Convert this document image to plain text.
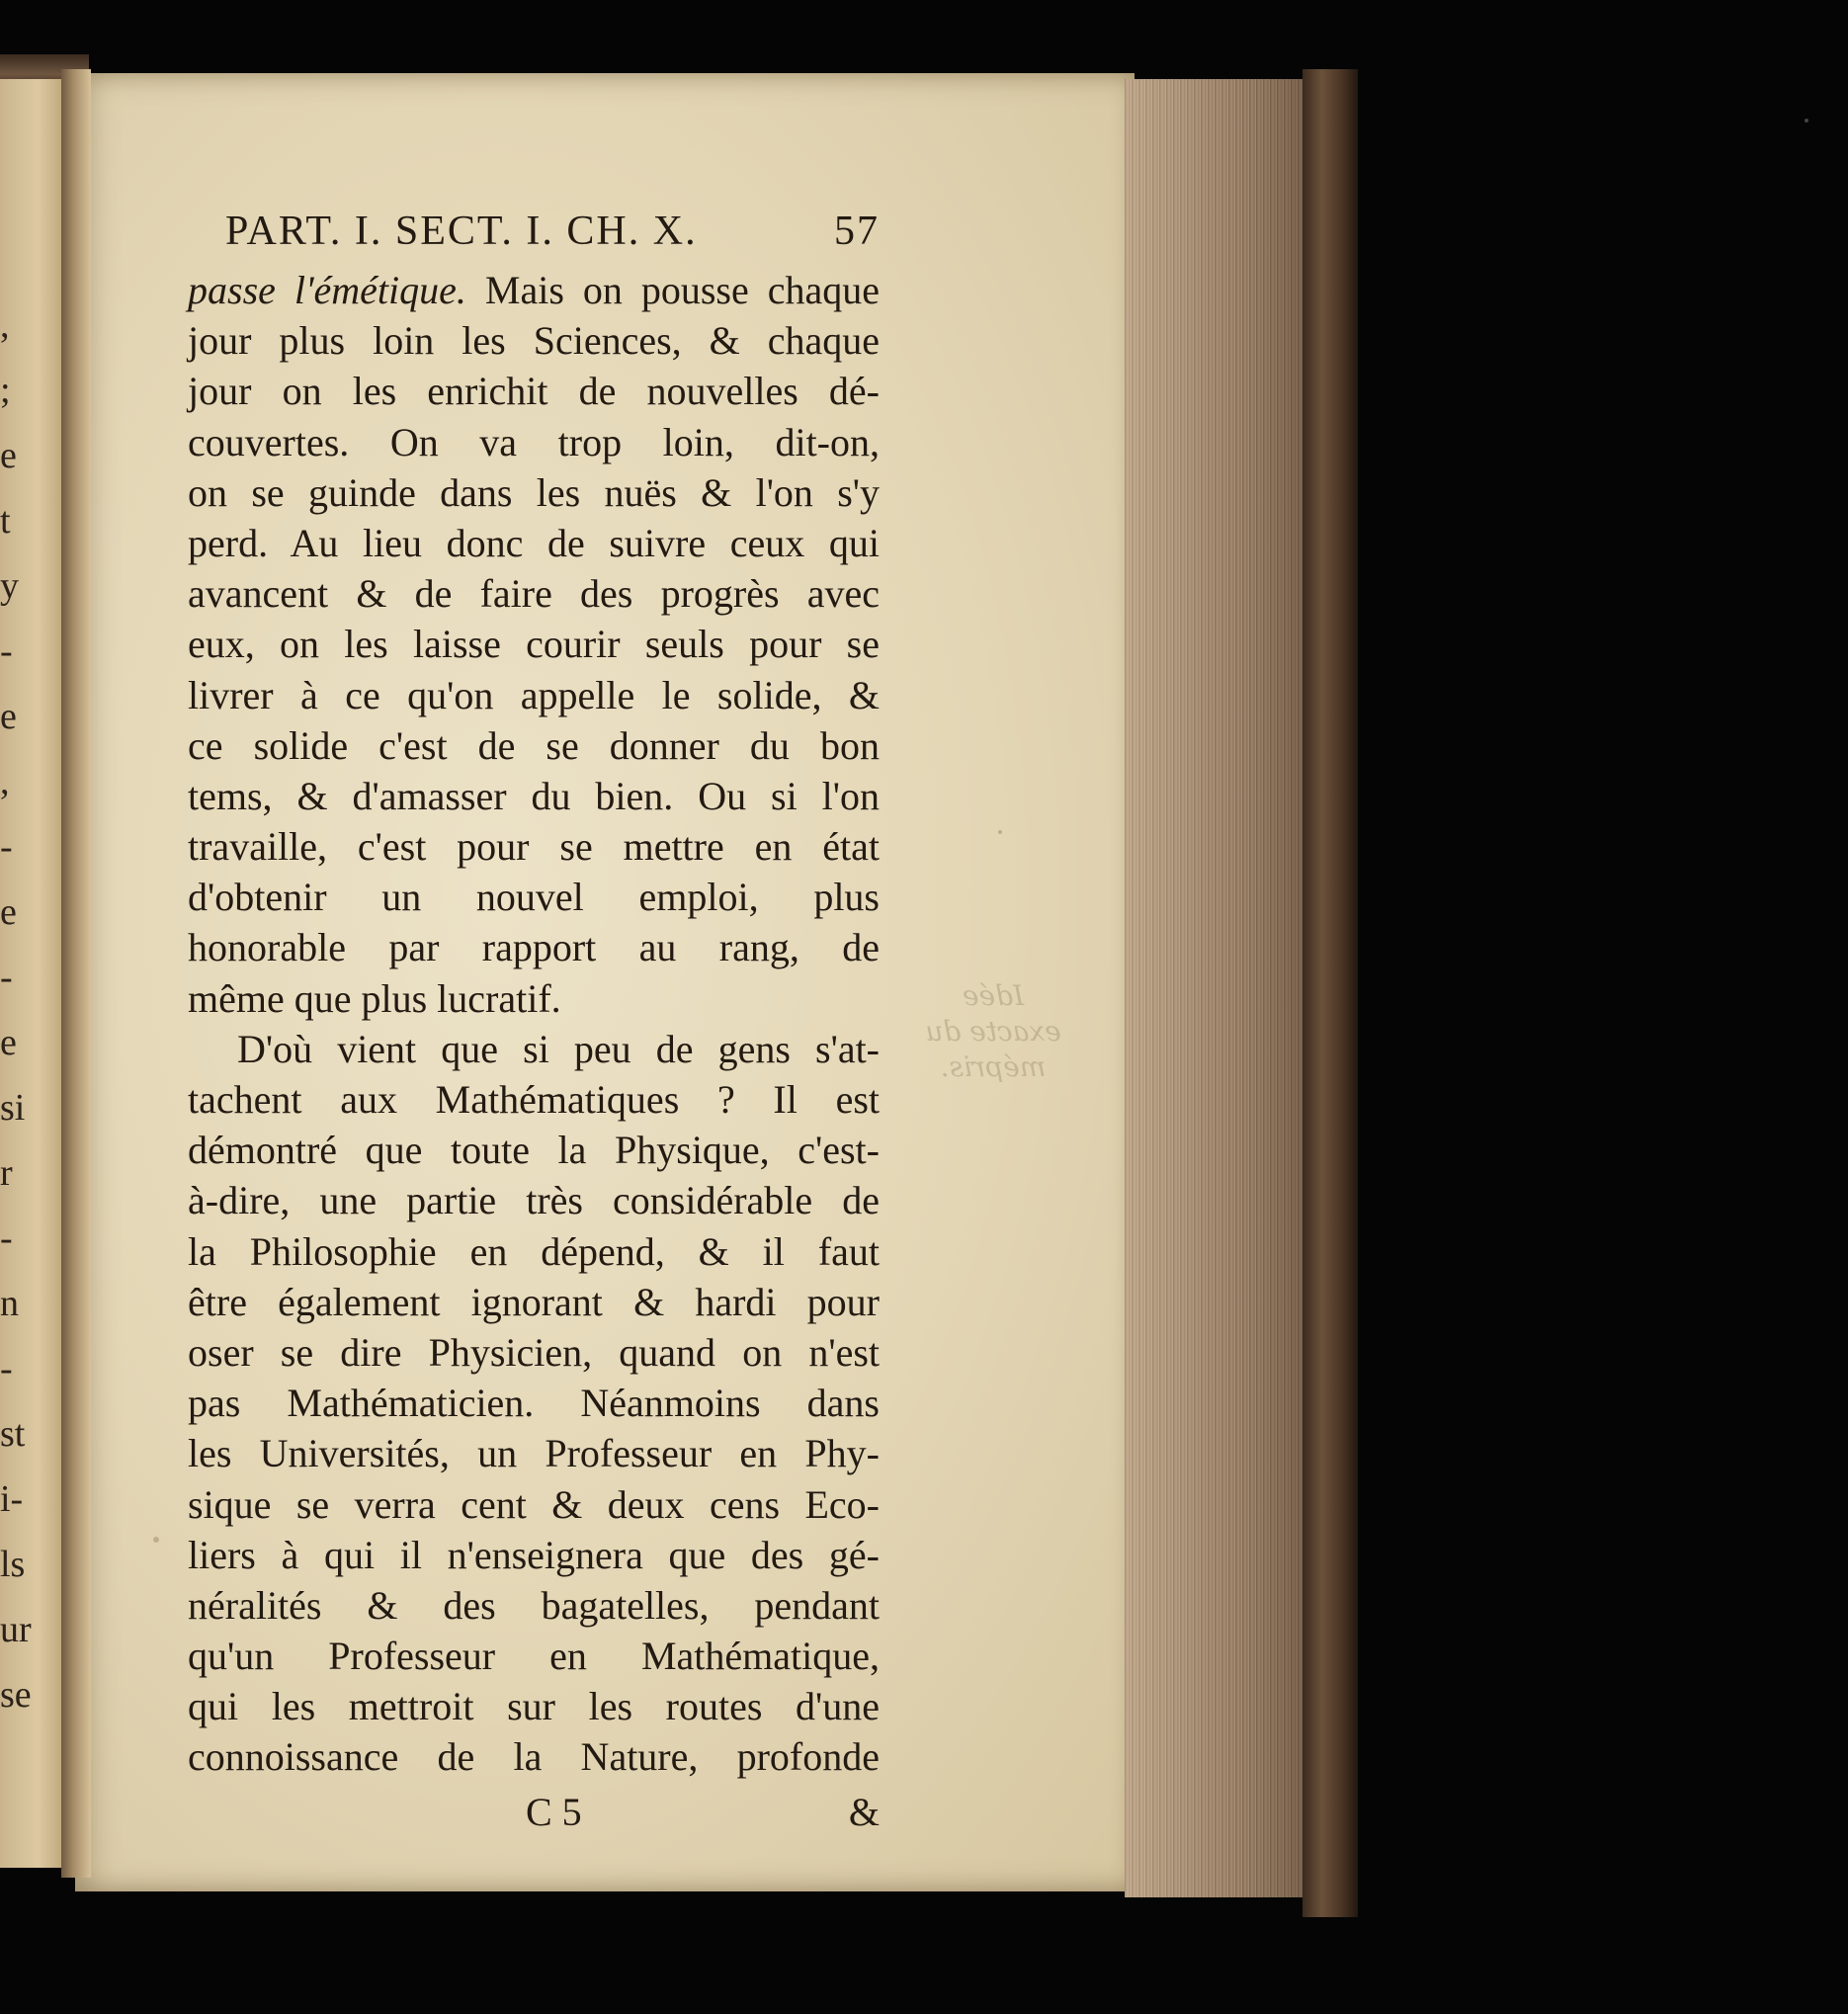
,
;
e
t
y
-
e
,
-
e
-
e
si
r
-
n
-
st
i-
ls
ur
se
Idée
exacte du
mépris.
PART. I. SECT. I. CH. X.	57
passe l'émétique. Mais on pousse chaque
jour plus loin les Sciences, & chaque
jour on les enrichit de nouvelles dé-
couvertes. On va trop loin, dit-on,
on se guinde dans les nuës & l'on s'y
perd. Au lieu donc de suivre ceux qui
avancent & de faire des progrès avec
eux, on les laisse courir seuls pour se
livrer à ce qu'on appelle le solide, &
ce solide c'est de se donner du bon
tems, & d'amasser du bien. Ou si l'on
travaille, c'est pour se mettre en état
d'obtenir un nouvel emploi, plus
honorable par rapport au rang, de
même que plus lucratif.
D'où vient que si peu de gens s'at-
tachent aux Mathématiques ? Il est
démontré que toute la Physique, c'est-
à-dire, une partie très considérable de
la Philosophie en dépend, & il faut
être également ignorant & hardi pour
oser se dire Physicien, quand on n'est
pas Mathématicien. Néanmoins dans
les Universités, un Professeur en Phy-
sique se verra cent & deux cens Eco-
liers à qui il n'enseignera que des gé-
néralités & des bagatelles, pendant
qu'un Professeur en Mathématique,
qui les mettroit sur les routes d'une
connoissance de la Nature, profonde
C 5	&
